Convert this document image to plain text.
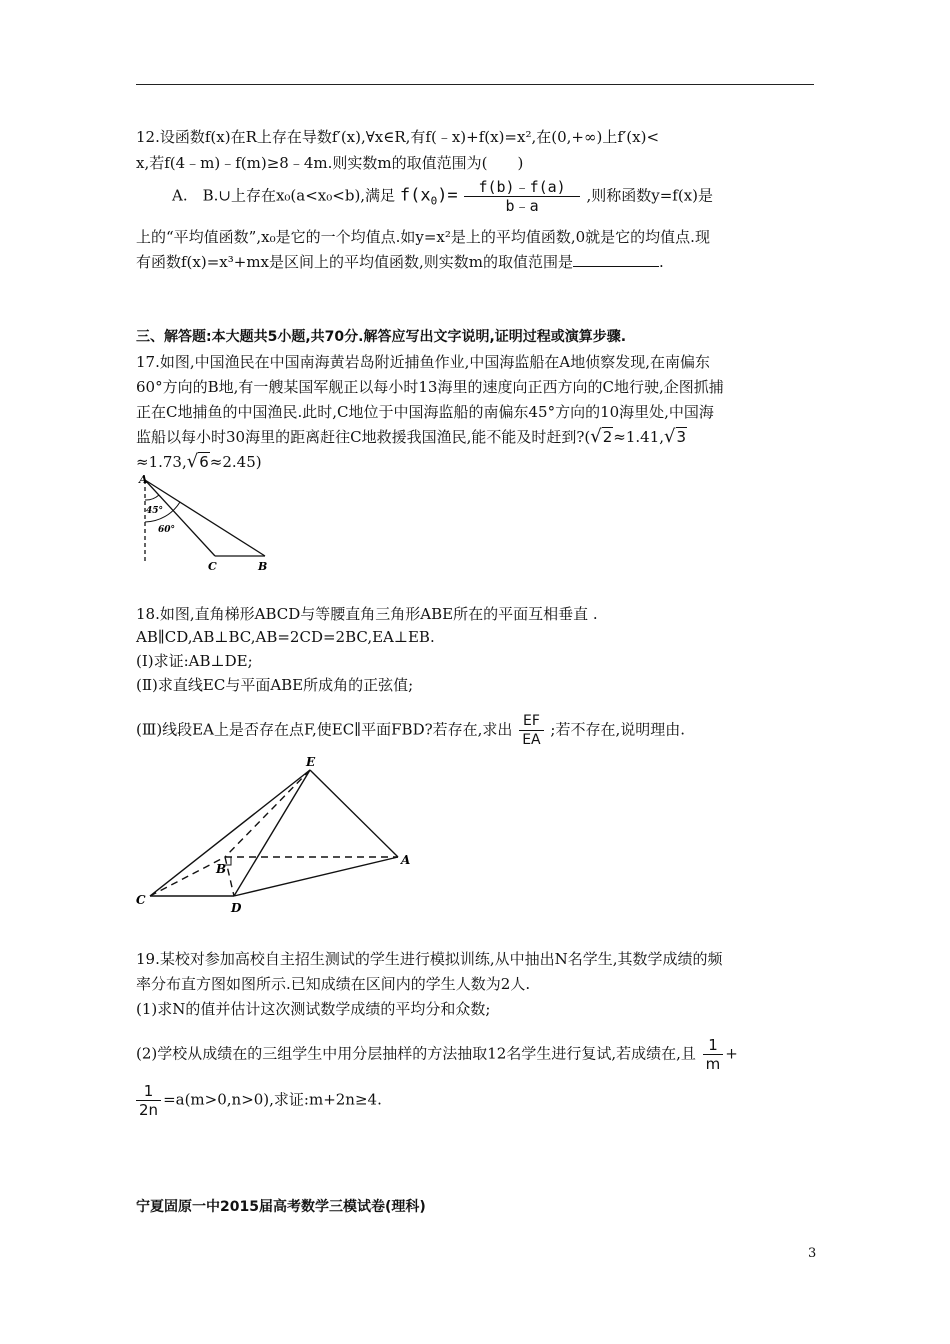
12.设函数f(x)在R上存在导数f′(x),∀x∈R,有f(﹣x)+f(x)=x²,在(0,+∞)上f′(x)<
x,若f(4﹣m)﹣f(m)≥8﹣4m.则实数m的取值范围为(　　)
A.　B.∪上存在x₀(a<x₀<b),满足 $f(x_0)= \frac{f(b)﹣f(a)}{b﹣a}$ ,则称函数y=f(x)是
上的“平均值函数”,x₀是它的一个均值点.如y=x²是上的平均值函数,0就是它的均值点.现
有函数f(x)=x³+mx是区间上的平均值函数,则实数m的取值范围是	.
三、解答题:本大题共5小题,共70分.解答应写出文字说明,证明过程或演算步骤.
17.如图,中国渔民在中国南海黄岩岛附近捕鱼作业,中国海监船在A地侦察发现,在南偏东
60°方向的B地,有一艘某国军舰正以每小时13海里的速度向正西方向的C地行驶,企图抓捕
正在C地捕鱼的中国渔民.此时,C地位于中国海监船的南偏东45°方向的10海里处,中国海
监船以每小时30海里的距离赶往C地救援我国渔民,能不能及时赶到?(√2≈1.41,√3
≈1.73,√6≈2.45)
A
45°
60°
C	B
18.如图,直角梯形ABCD与等腰直角三角形ABE所在的平面互相垂直 .
AB∥CD,AB⊥BC,AB=2CD=2BC,EA⊥EB.
(Ⅰ)求证:AB⊥DE;
(Ⅱ)求直线EC与平面ABE所成角的正弦值;
(Ⅲ)线段EA上是否存在点F,使EC∥平面FBD?若存在,求出 $\frac{EF}{EA}$ ;若不存在,说明理由.
E
A
B
C
D
19.某校对参加高校自主招生测试的学生进行模拟训练,从中抽出N名学生,其数学成绩的频
率分布直方图如图所示.已知成绩在区间内的学生人数为2人.
(1)求N的值并估计这次测试数学成绩的平均分和众数;
(2)学校从成绩在的三组学生中用分层抽样的方法抽取12名学生进行复试,若成绩在,且 $\frac{1}{m}$ +
$\frac{1}{2n} =a(m>0,n>0)$,求证:m+2n≥4.
宁夏固原一中2015届高考数学三模试卷(理科)
3
